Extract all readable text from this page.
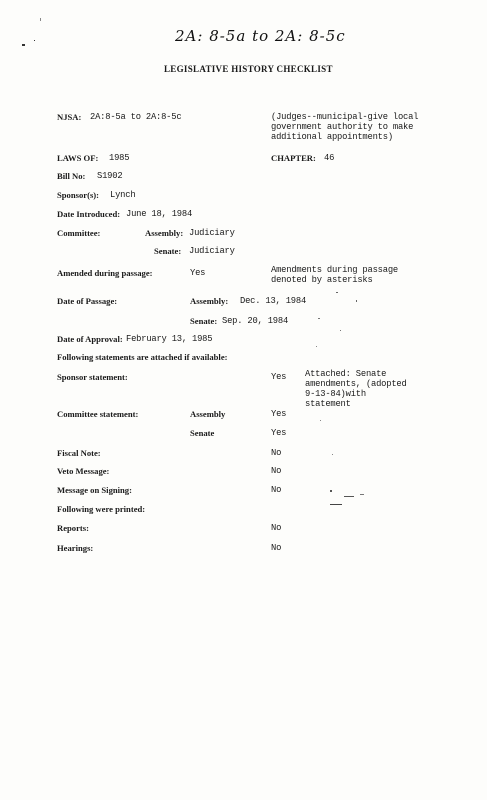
2A: 8-5a to 2A: 8-5c
LEGISLATIVE HISTORY CHECKLIST
NJSA: 2A:8-5a to 2A:8-5c	(Judges--municipal-give local government authority to make additional appointments)
LAWS OF: 1985	CHAPTER: 46
Bill No: S1902
Sponsor(s): Lynch
Date Introduced: June 18, 1984
Committee:	Assembly: Judiciary
Senate: Judiciary
Amended during passage:	Yes	Amendments during passage denoted by asterisks
Date of Passage:	Assembly: Dec. 13, 1984
Senate: Sep. 20, 1984
Date of Approval: February 13, 1985
Following statements are attached if available:
Sponsor statement:	Yes Attached: Senate amendments, (adopted 9-13-84)with statement
Committee statement:	Assembly	Yes
Senate	Yes
Fiscal Note:	No
Veto Message:	No
Message on Signing:	No
Following were printed:
Reports:	No
Hearings:	No
